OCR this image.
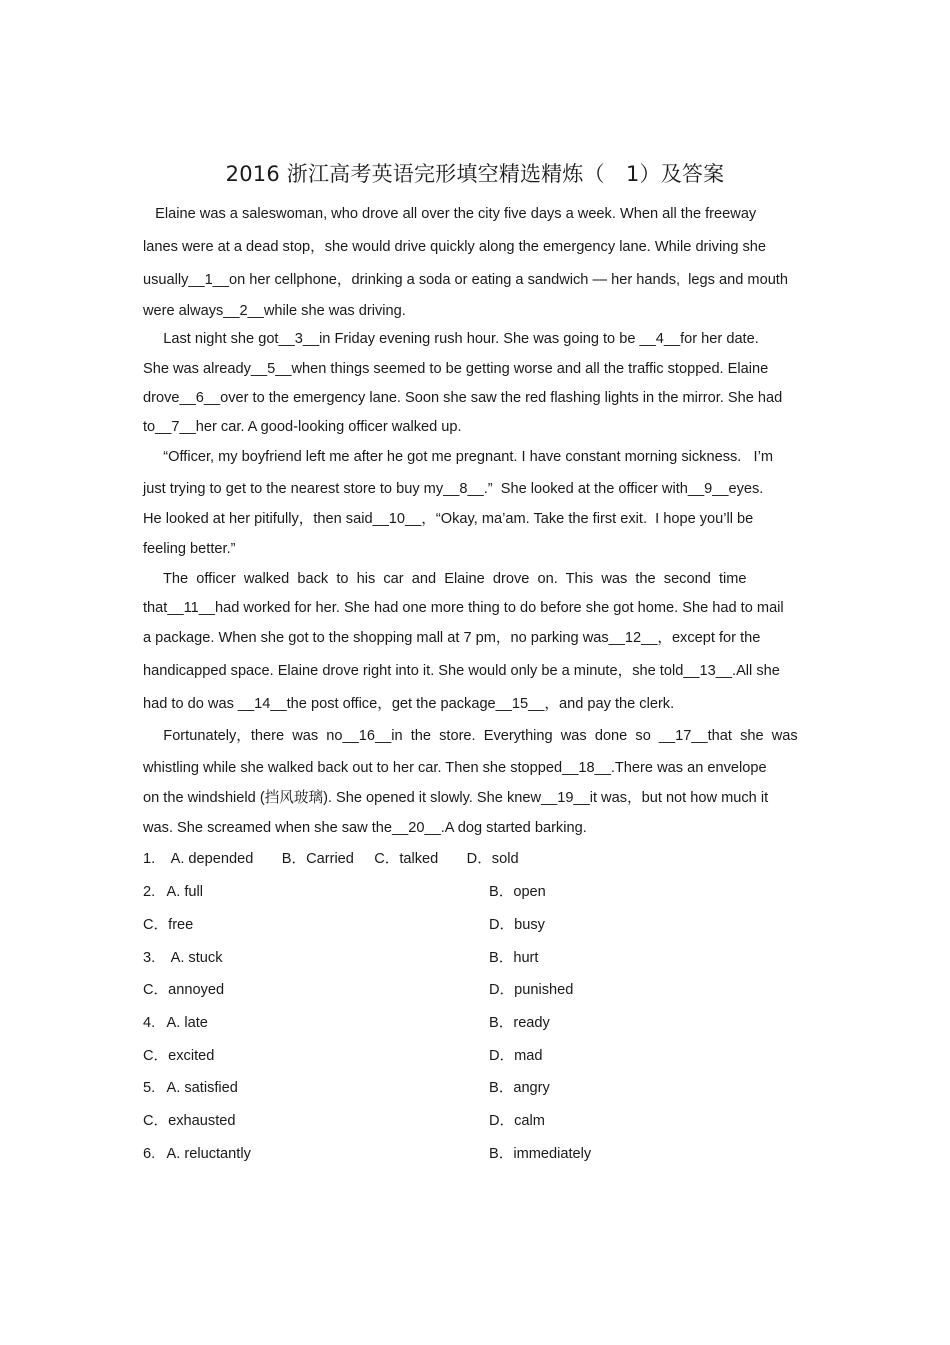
2016 浙江高考英语完形填空精选精炼（　1）及答案
Elaine was a saleswoman, who drove all over the city five days a week. When all the freeway
lanes were at a dead stop，she would drive quickly along the emergency lane. While driving she
usually__1__on her cellphone，drinking a soda or eating a sandwich — her hands,  legs and mouth
were always__2__while she was driving.
Last night she got__3__in Friday evening rush hour. She was going to be __4__for her date.
She was already__5__when things seemed to be getting worse and all the traffic stopped. Elaine
drove__6__over to the emergency lane. Soon she saw the red flashing lights in the mirror. She had
to__7__her car. A good-looking officer walked up.
“Officer, my boyfriend left me after he got me pregnant. I have constant morning sickness.   I’m
just trying to get to the nearest store to buy my__8__.”  She looked at the officer with__9__eyes.
He looked at her pitifully，then said__10__，“Okay, ma’am. Take the first exit.  I hope you’ll be
feeling better.”
The  officer  walked  back  to  his  car  and  Elaine  drove  on.  This  was  the  second  time
that__11__had worked for her. She had one more thing to do before she got home. She had to mail
a package. When she got to the shopping mall at 7 pm，no parking was__12__，except for the
handicapped space. Elaine drove right into it. She would only be a minute，she told__13__.All she
had to do was __14__the post office，get the package__15__，and pay the clerk.
Fortunately，there  was  no__16__in  the  store.  Everything  was  done  so  __17__that  she  was
whistling while she walked back out to her car. Then she stopped__18__.There was an envelope
on the windshield (挡风玻璃). She opened it slowly. She knew__19__it was，but not how much it
was. She screamed when she saw the__20__.A dog started barking.
1.    A. depended       B．Carried     C．talked       D．sold
2.   A. full	B．open
C．free	D．busy
3.    A. stuck	B．hurt
C．annoyed	D．punished
4.   A. late	B．ready
C．excited	D．mad
5.   A. satisfied	B．angry
C．exhausted	D．calm
6.   A. reluctantly	B．immediately
